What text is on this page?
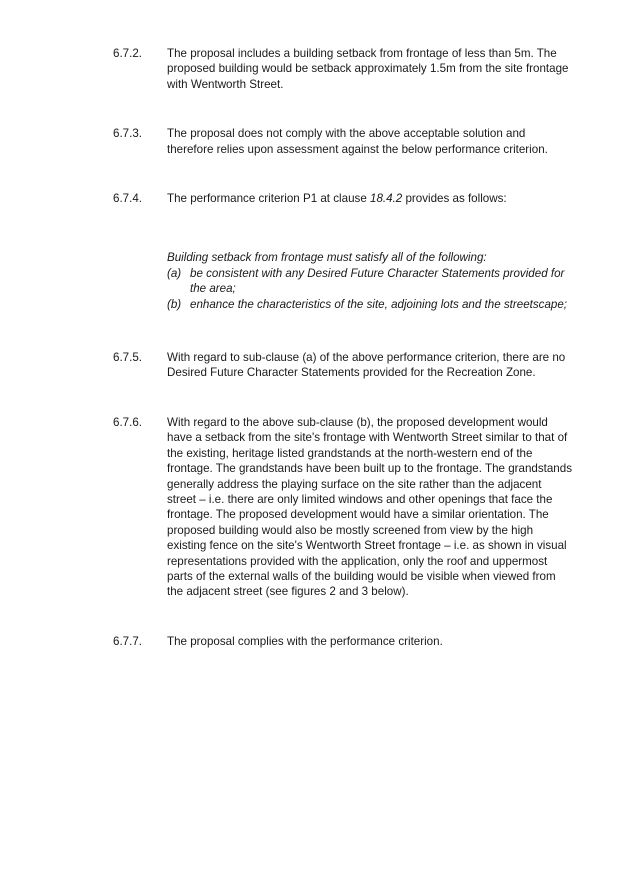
6.7.2.	The proposal includes a building setback from frontage of less than 5m. The proposed building would be setback approximately 1.5m from the site frontage with Wentworth Street.
6.7.3.	The proposal does not comply with the above acceptable solution and therefore relies upon assessment against the below performance criterion.
6.7.4.	The performance criterion P1 at clause 18.4.2 provides as follows:
Building setback from frontage must satisfy all of the following:
(a) be consistent with any Desired Future Character Statements provided for the area;
(b) enhance the characteristics of the site, adjoining lots and the streetscape;
6.7.5.	With regard to sub-clause (a) of the above performance criterion, there are no Desired Future Character Statements provided for the Recreation Zone.
6.7.6.	With regard to the above sub-clause (b), the proposed development would have a setback from the site's frontage with Wentworth Street similar to that of the existing, heritage listed grandstands at the north-western end of the frontage. The grandstands have been built up to the frontage. The grandstands generally address the playing surface on the site rather than the adjacent street – i.e. there are only limited windows and other openings that face the frontage. The proposed development would have a similar orientation. The proposed building would also be mostly screened from view by the high existing fence on the site's Wentworth Street frontage – i.e. as shown in visual representations provided with the application, only the roof and uppermost parts of the external walls of the building would be visible when viewed from the adjacent street (see figures 2 and 3 below).
6.7.7.	The proposal complies with the performance criterion.
